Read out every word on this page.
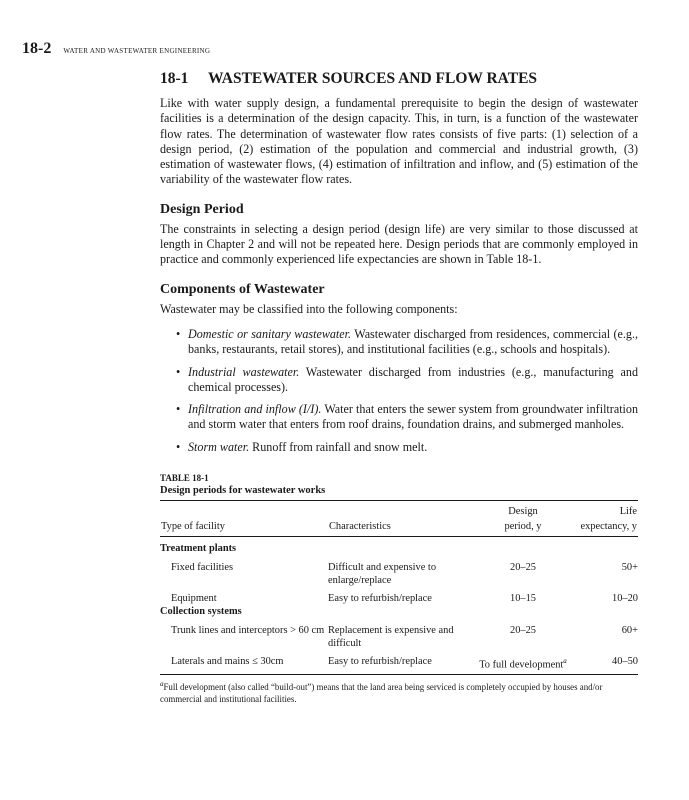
18-2 WATER AND WASTEWATER ENGINEERING
18-1	WASTEWATER SOURCES AND FLOW RATES

Like with water supply design, a fundamental prerequisite to begin the design of wastewater facilities is a determination of the design capacity. This, in turn, is a function of the wastewater flow rates. The determination of wastewater flow rates consists of five parts: (1) selection of a design period, (2) estimation of the population and commercial and industrial growth, (3) estimation of wastewater flows, (4) estimation of infiltration and inflow, and (5) estimation of the variability of the wastewater flow rates.

Design Period

The constraints in selecting a design period (design life) are very similar to those discussed at length in Chapter 2 and will not be repeated here. Design periods that are commonly employed in practice and commonly experienced life expectancies are shown in Table 18-1.

Components of Wastewater

Wastewater may be classified into the following components:

• Domestic or sanitary wastewater. Wastewater discharged from residences, commercial (e.g., banks, restaurants, retail stores), and institutional facilities (e.g., schools and hospitals).
• Industrial wastewater. Wastewater discharged from industries (e.g., manufacturing and chemical processes).
• Infiltration and inflow (I/I). Water that enters the sewer system from groundwater infiltration and storm water that enters from roof drains, foundation drains, and submerged manholes.
• Storm water. Runoff from rainfall and snow melt.
TABLE 18-1
Design periods for wastewater works
		Design	Life
Type of facility	Characteristics	period, y	expectancy, y
Treatment plants			
Fixed facilities	Difficult and expensive to enlarge/replace	20–25	50+
Equipment	Easy to refurbish/replace	10–15	10–20
Collection systems			
Trunk lines and interceptors > 60 cm	Replacement is expensive and difficult	20–25	60+
Laterals and mains ≤ 30cm	Easy to refurbish/replace	To full development$^a$	40–50
$^a$Full development (also called “build-out”) means that the land area being serviced is completely occupied by houses and/or commercial and institutional facilities.
